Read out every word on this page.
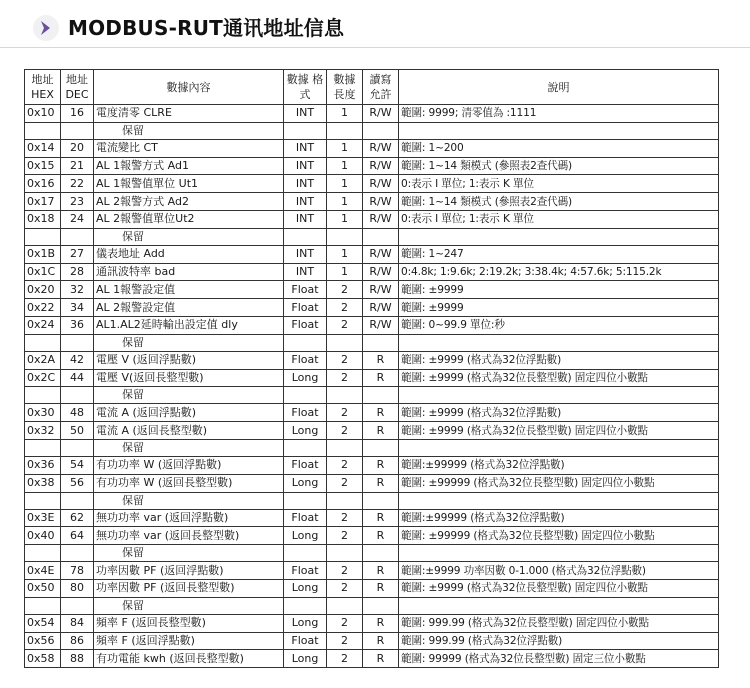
MODBUS-RUT通讯地址信息
地址 HEX	地址 DEC	數據內容	數據 格式	數據 長度	讀寫 允許	說明
0x10	16	電度清零 CLRE	INT	1	R/W	範圍: 9999; 清零值為 :1111
		保留				
0x14	20	電流變比 CT	INT	1	R/W	範圍: 1~200
0x15	21	AL 1報警方式 Ad1	INT	1	R/W	範圍: 1~14 類模式 (參照表2查代碼)
0x16	22	AL 1報警值單位 Ut1	INT	1	R/W	0:表示 I 單位; 1:表示 K 單位
0x17	23	AL 2報警方式 Ad2	INT	1	R/W	範圍: 1~14 類模式 (參照表2查代碼)
0x18	24	AL 2報警值單位Ut2	INT	1	R/W	0:表示 I 單位; 1:表示 K 單位
		保留				
0x1B	27	儀表地址 Add	INT	1	R/W	範圍: 1~247
0x1C	28	通訊波特率 bad	INT	1	R/W	0:4.8k; 1:9.6k; 2:19.2k; 3:38.4k; 4:57.6k; 5:115.2k
0x20	32	AL 1報警設定值	Float	2	R/W	範圍: ±9999
0x22	34	AL 2報警設定值	Float	2	R/W	範圍: ±9999
0x24	36	AL1.AL2延時輸出設定值 dly	Float	2	R/W	範圍: 0~99.9 單位:秒
		保留				
0x2A	42	電壓 V (返回浮點數)	Float	2	R	範圍: ±9999 (格式為32位浮點數)
0x2C	44	電壓 V(返回長整型數)	Long	2	R	範圍: ±9999 (格式為32位長整型數) 固定四位小數點
		保留				
0x30	48	電流 A (返回浮點數)	Float	2	R	範圍: ±9999 (格式為32位浮點數)
0x32	50	電流 A (返回長整型數)	Long	2	R	範圍: ±9999 (格式為32位長整型數) 固定四位小數點
		保留				
0x36	54	有功功率 W (返回浮點數)	Float	2	R	範圍:±99999 (格式為32位浮點數)
0x38	56	有功功率 W (返回長整型數)	Long	2	R	範圍: ±99999 (格式為32位長整型數) 固定四位小數點
		保留				
0x3E	62	無功功率 var (返回浮點數)	Float	2	R	範圍:±99999 (格式為32位浮點數)
0x40	64	無功功率 var (返回長整型數)	Long	2	R	範圍: ±99999 (格式為32位長整型數) 固定四位小數點
		保留				
0x4E	78	功率因數 PF (返回浮點數)	Float	2	R	範圍:±9999 功率因數 0-1.000 (格式為32位浮點數)
0x50	80	功率因數 PF (返回長整型數)	Long	2	R	範圍: ±9999 (格式為32位長整型數) 固定四位小數點
		保留				
0x54	84	頻率 F (返回長整型數)	Long	2	R	範圍: 999.99 (格式為32位長整型數) 固定四位小數點
0x56	86	頻率 F (返回浮點數)	Float	2	R	範圍: 999.99 (格式為32位浮點數)
0x58	88	有功電能 kwh (返回長整型數)	Long	2	R	範圍: 99999 (格式為32位長整型數) 固定三位小數點
